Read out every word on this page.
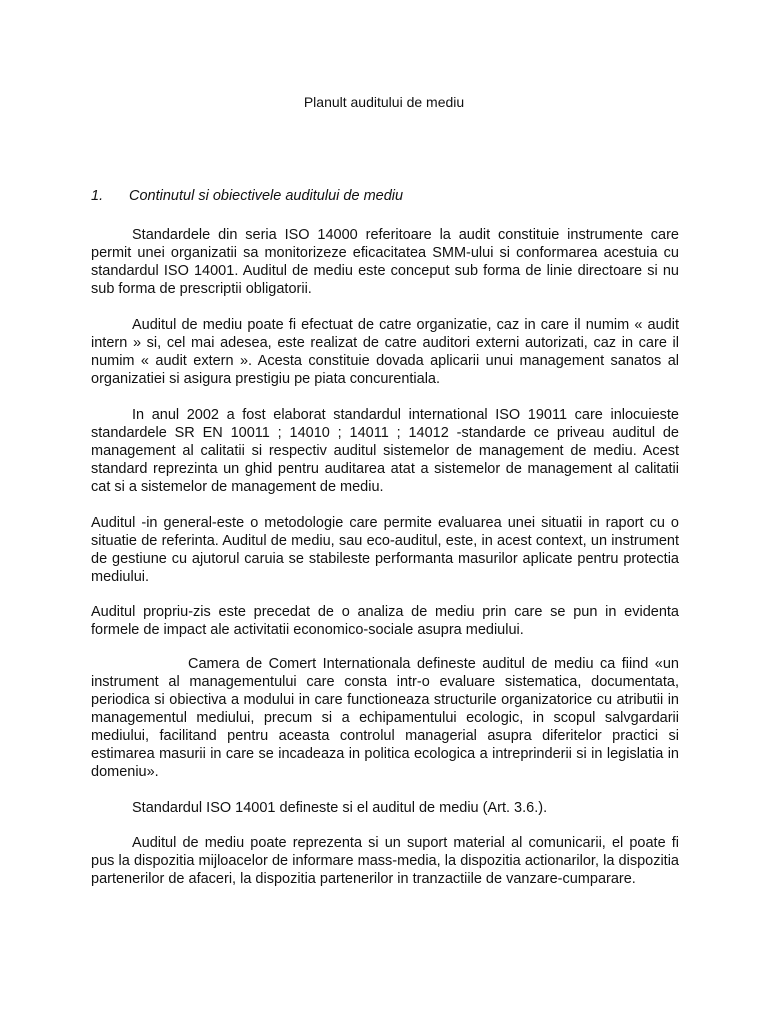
Planult auditului de mediu
1. Continutul si obiectivele auditului de mediu

Standardele din seria ISO 14000 referitoare la audit constituie instrumente care permit unei organizatii sa monitorizeze eficacitatea SMM-ului si conformarea acestuia cu standardul ISO 14001. Auditul de mediu este conceput sub forma de linie directoare si nu sub forma de prescriptii obligatorii.

Auditul de mediu poate fi efectuat de catre organizatie, caz in care il numim « audit intern » si, cel mai adesea, este realizat de catre auditori externi autorizati, caz in care il numim « audit extern ». Acesta constituie dovada aplicarii unui management sanatos al organizatiei si asigura prestigiu pe piata concurentiala.

In anul 2002 a fost elaborat standardul international ISO 19011 care inlocuieste standardele SR EN 10011 ; 14010 ; 14011 ; 14012 -standarde ce priveau auditul de management al calitatii si respectiv auditul sistemelor de management de mediu. Acest standard reprezinta un ghid pentru auditarea atat a sistemelor de management al calitatii cat si a sistemelor de management de mediu.

Auditul -in general-este o metodologie care permite evaluarea unei situatii in raport cu o situatie de referinta. Auditul de mediu, sau eco-auditul, este, in acest context, un instrument de gestiune cu ajutorul caruia se stabileste performanta masurilor aplicate pentru protectia mediului.

Auditul propriu-zis este precedat de o analiza de mediu prin care se pun in evidenta formele de impact ale activitatii economico-sociale asupra mediului.

Camera de Comert Internationala defineste auditul de mediu ca fiind «un instrument al managementului care consta intr-o evaluare sistematica, documentata, periodica si obiectiva a modului in care functioneaza structurile organizatorice cu atributii in managementul mediului, precum si a echipamentului ecologic, in scopul salvgardarii mediului, facilitand pentru aceasta controlul managerial asupra diferitelor practici si estimarea masurii in care se incadeaza in politica ecologica a intreprinderii si in legislatia in domeniu».

Standardul ISO 14001 defineste si el auditul de mediu (Art. 3.6.).

Auditul de mediu poate reprezenta si un suport material al comunicarii, el poate fi pus la dispozitia mijloacelor de informare mass-media, la dispozitia actionarilor, la dispozitia partenerilor de afaceri, la dispozitia partenerilor in tranzactiile de vanzare-cumparare.
